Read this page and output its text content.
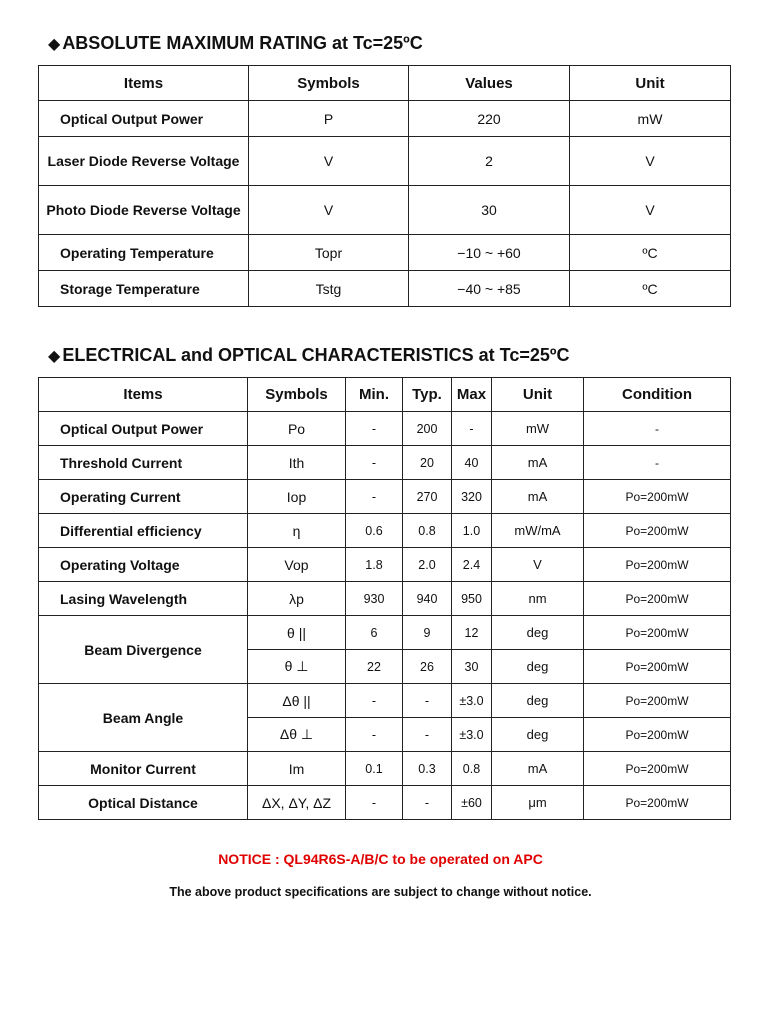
◆ ABSOLUTE MAXIMUM RATING at Tc=25ºC
Items	Symbols	Values	Unit
Optical Output Power	P	220	mW
Laser Diode Reverse Voltage	V	2	V
Photo Diode Reverse Voltage	V	30	V
Operating Temperature	Topr	−10 ~ +60	ºC
Storage Temperature	Tstg	−40 ~ +85	ºC
◆ ELECTRICAL and OPTICAL CHARACTERISTICS at Tc=25ºC
Items	Symbols	Min.	Typ.	Max	Unit	Condition
Optical Output Power	Po	-	200	-	mW	-
Threshold Current	Ith	-	20	40	mA	-
Operating Current	Iop	-	270	320	mA	Po=200mW
Differential efficiency	η	0.6	0.8	1.0	mW/mA	Po=200mW
Operating Voltage	Vop	1.8	2.0	2.4	V	Po=200mW
Lasing Wavelength	λp	930	940	950	nm	Po=200mW
Beam Divergence	θ ||	6	9	12	deg	Po=200mW
	θ ⊥	22	26	30	deg	Po=200mW
Beam Angle	Δθ ||	-	-	±3.0	deg	Po=200mW
	Δθ ⊥	-	-	±3.0	deg	Po=200mW
Monitor Current	Im	0.1	0.3	0.8	mA	Po=200mW
Optical Distance	ΔX, ΔY, ΔZ	-	-	±60	μm	Po=200mW
NOTICE : QL94R6S-A/B/C to be operated on APC
The above product specifications are subject to change without notice.
